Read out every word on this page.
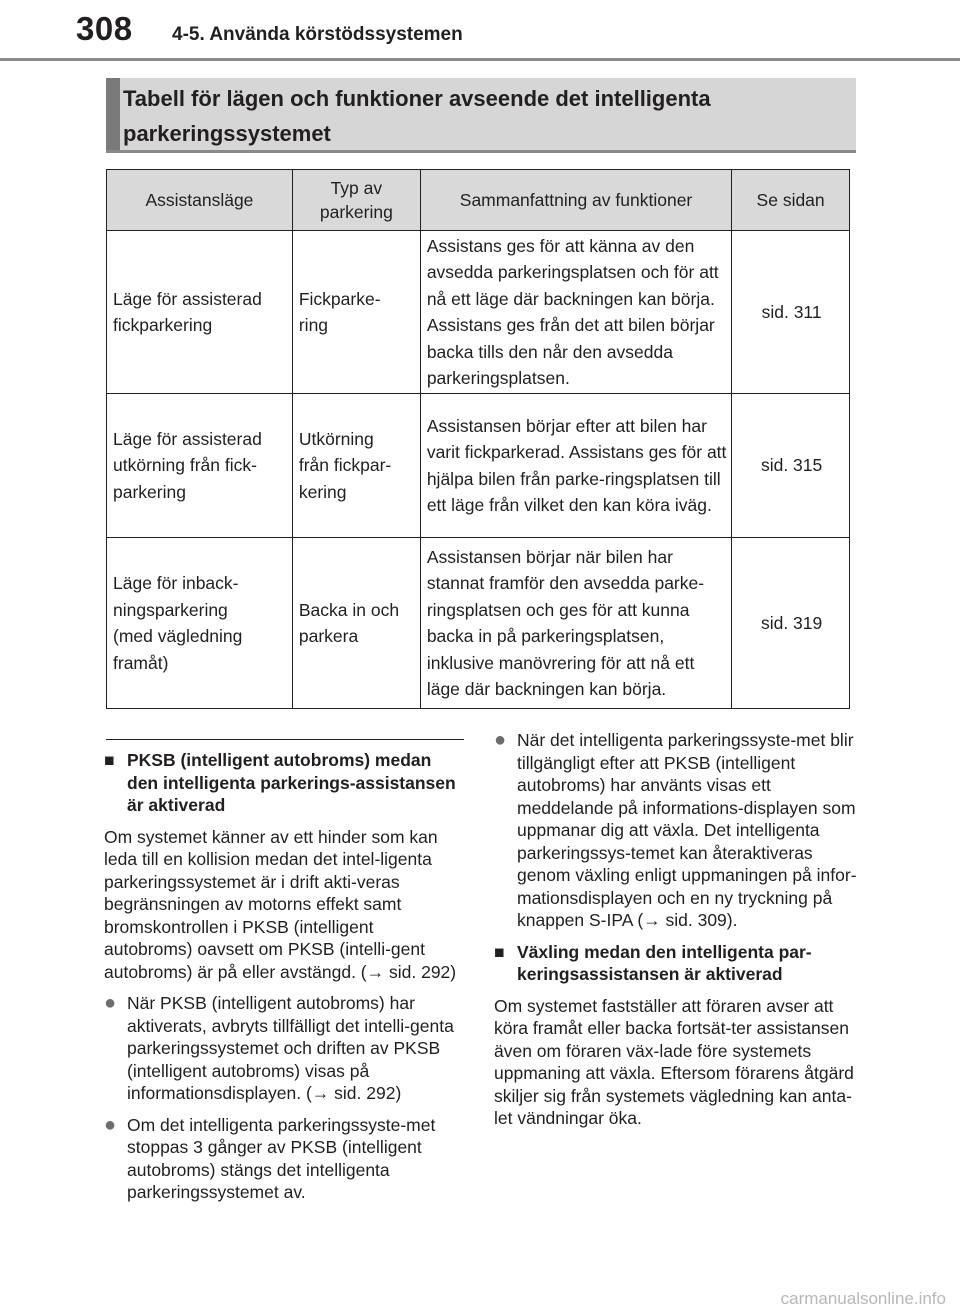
308 4-5. Använda körstödssystemen
Tabell för lägen och funktioner avseende det intelligenta parkeringssystemet
Assistansläge	Typ av parkering	Sammanfattning av funktioner	Se sidan
Läge för assisterad fickparkering	Fickparke-ring	Assistans ges för att känna av den avsedda parkeringsplatsen och för att nå ett läge där backningen kan börja. Assistans ges från det att bilen börjar backa tills den når den avsedda parkeringsplatsen.	sid. 311
Läge för assisterad utkörning från fick-parkering	Utkörning från fickpar-kering	Assistansen börjar efter att bilen har varit fickparkerad. Assistans ges för att hjälpa bilen från parke-ringsplatsen till ett läge från vilket den kan köra iväg.	sid. 315
Läge för inback-ningsparkering (med vägledning framåt)	Backa in och parkera	Assistansen börjar när bilen har stannat framför den avsedda parke-ringsplatsen och ges för att kunna backa in på parkeringsplatsen, inklusive manövrering för att nå ett läge där backningen kan börja.	sid. 319

■ PKSB (intelligent autobroms) medan den intelligenta parkerings-assistansen är aktiverad

Om systemet känner av ett hinder som kan leda till en kollision medan det intel-ligenta parkeringssystemet är i drift akti-veras begränsningen av motorns effekt samt bromskontrollen i PKSB (intelligent autobroms) oavsett om PKSB (intelli-gent autobroms) är på eller avstängd. (→ sid. 292)

● När PKSB (intelligent autobroms) har aktiverats, avbryts tillfälligt det intelli-genta parkeringssystemet och driften av PKSB (intelligent autobroms) visas på informationsdisplayen. (→ sid. 292)

● Om det intelligenta parkeringssyste-met stoppas 3 gånger av PKSB (intelligent autobroms) stängs det intelligenta parkeringssystemet av.

● När det intelligenta parkeringssyste-met blir tillgängligt efter att PKSB (intelligent autobroms) har använts visas ett meddelande på informations-displayen som uppmanar dig att växla. Det intelligenta parkeringssys-temet kan återaktiveras genom växling enligt uppmaningen på infor-mationsdisplayen och en ny tryckning på knappen S-IPA (→ sid. 309).

■ Växling medan den intelligenta par-keringsassistansen är aktiverad

Om systemet fastställer att föraren avser att köra framåt eller backa fortsät-ter assistansen även om föraren väx-lade före systemets uppmaning att växla. Eftersom förarens åtgärd skiljer sig från systemets vägledning kan anta-let vändningar öka.

carmanualsonline.info
